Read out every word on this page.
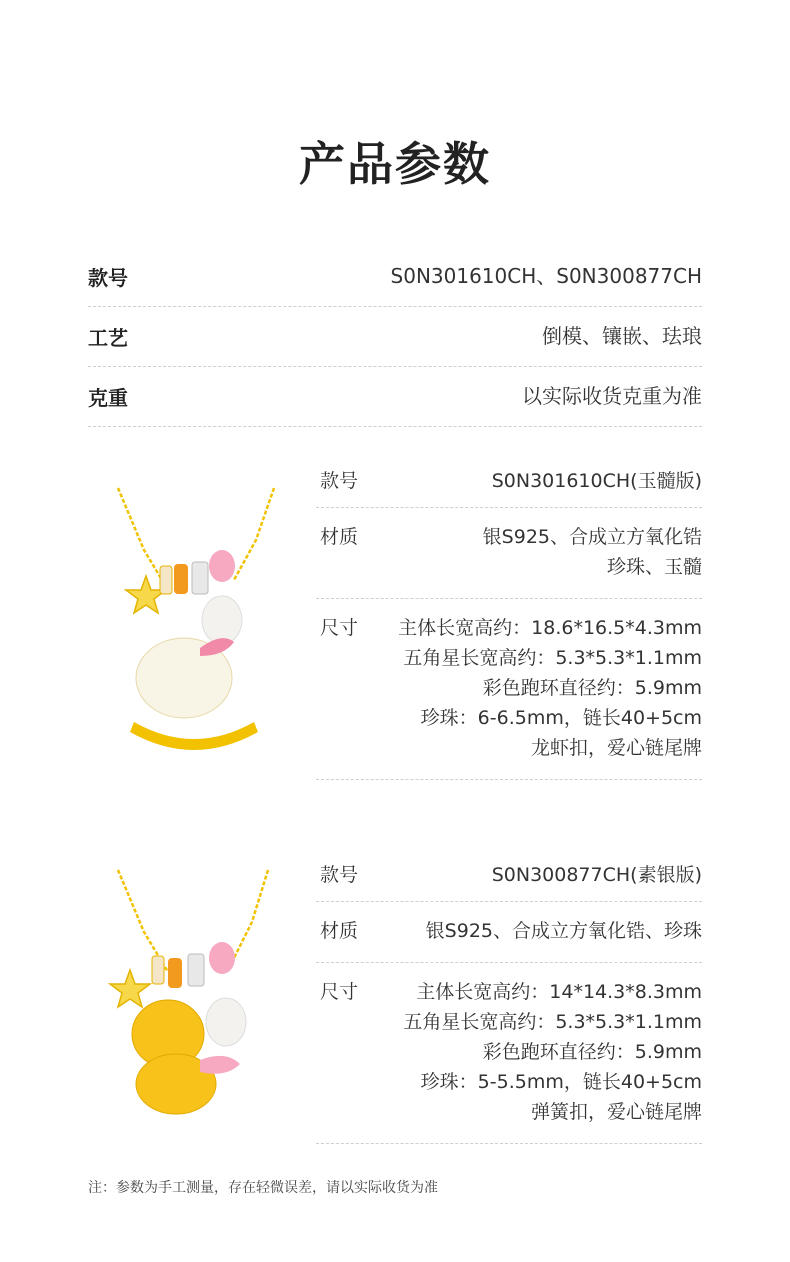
产品参数
款号	S0N301610CH、S0N300877CH
工艺	倒模、镶嵌、珐琅
克重	以实际收货克重为准
款号	S0N301610CH(玉髓版)
材质	银S925、合成立方氧化锆
珍珠、玉髓
尺寸 主体长宽高约：18.6*16.5*4.3mm
五角星长宽高约：5.3*5.3*1.1mm
彩色跑环直径约：5.9mm
珍珠：6-6.5mm，链长40+5cm
龙虾扣，爱心链尾牌
款号	S0N300877CH(素银版)
材质	银S925、合成立方氧化锆、珍珠
尺寸	主体长宽高约：14*14.3*8.3mm
五角星长宽高约：5.3*5.3*1.1mm
彩色跑环直径约：5.9mm
珍珠：5-5.5mm，链长40+5cm
弹簧扣，爱心链尾牌
注：参数为手工测量，存在轻微误差，请以实际收货为准
